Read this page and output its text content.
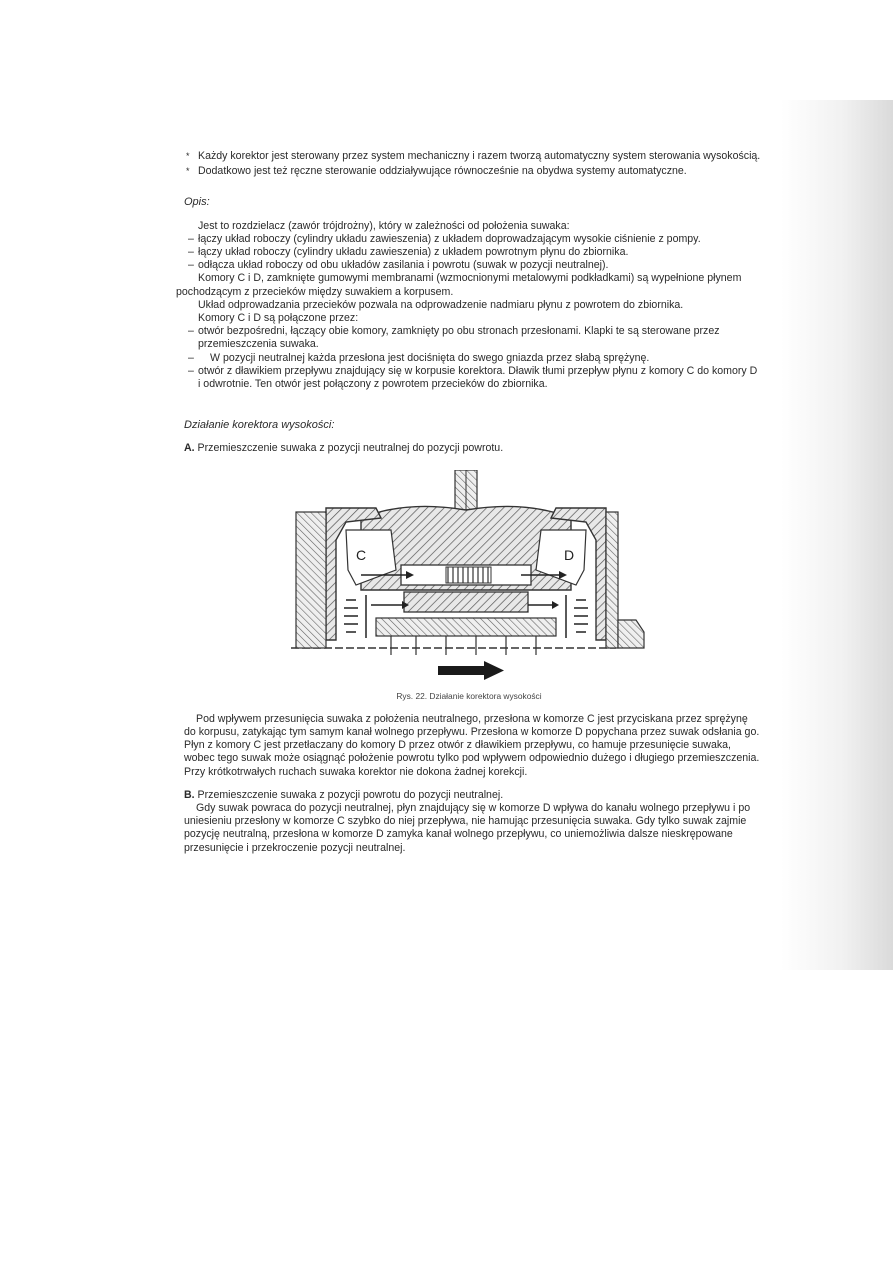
* Każdy korektor jest sterowany przez system mechaniczny i razem tworzą automatyczny system sterowania wysokością.
* Dodatkowo jest też ręczne sterowanie oddziaływujące równocześnie na obydwa systemy automatyczne.
Opis:

Jest to rozdzielacz (zawór trójdrożny), który w zależności od położenia suwaka:

– łączy układ roboczy (cylindry układu zawieszenia) z układem doprowadzającym wysokie ciśnienie z pompy.
– łączy układ roboczy (cylindry układu zawieszenia) z układem powrotnym płynu do zbiornika.
– odłącza układ roboczy od obu układów zasilania i powrotu (suwak w pozycji neutralnej).

Komory C i D, zamknięte gumowymi membranami (wzmocnionymi metalowymi podkładkami) są wypełnione płynem pochodzącym z przecieków między suwakiem a korpusem.

Układ odprowadzania przecieków pozwala na odprowadzenie nadmiaru płynu z powrotem do zbiornika.

Komory C i D są połączone przez:

– otwór bezpośredni, łączący obie komory, zamknięty po obu stronach przesłonami. Klapki te są sterowane przez przemieszczenia suwaka.
– W pozycji neutralnej każda przesłona jest dociśnięta do swego gniazda przez słabą sprężynę.
– otwór z dławikiem przepływu znajdujący się w korpusie korektora. Dławik tłumi przepływ płynu z komory C do komory D i odwrotnie. Ten otwór jest połączony z powrotem przecieków do zbiornika.
Działanie korektora wysokości:
A. Przemieszczenie suwaka z pozycji neutralnej do pozycji powrotu.
C	D
Rys. 22. Działanie korektora wysokości

Pod wpływem przesunięcia suwaka z położenia neutralnego, przesłona w komorze C jest przyciskana przez sprężynę do korpusu, zatykając tym samym kanał wolnego przepływu. Przesłona w komorze D popychana przez suwak odsłania go. Płyn z komory C jest przetłaczany do komory D przez otwór z dławikiem przepływu, co hamuje przesunięcie suwaka, wobec tego suwak może osiągnąć położenie powrotu tylko pod wpływem odpowiednio dużego i długiego przemieszczenia. Przy krótkotrwałych ruchach suwaka korektor nie dokona żadnej korekcji.

B. Przemieszczenie suwaka z pozycji powrotu do pozycji neutralnej.

Gdy suwak powraca do pozycji neutralnej, płyn znajdujący się w komorze D wpływa do kanału wolnego przepływu i po uniesieniu przesłony w komorze C szybko do niej przepływa, nie hamując przesunięcia suwaka. Gdy tylko suwak zajmie pozycję neutralną, przesłona w komorze D zamyka kanał wolnego przepływu, co uniemożliwia dalsze nieskrępowane przesunięcie i przekroczenie pozycji neutralnej.
